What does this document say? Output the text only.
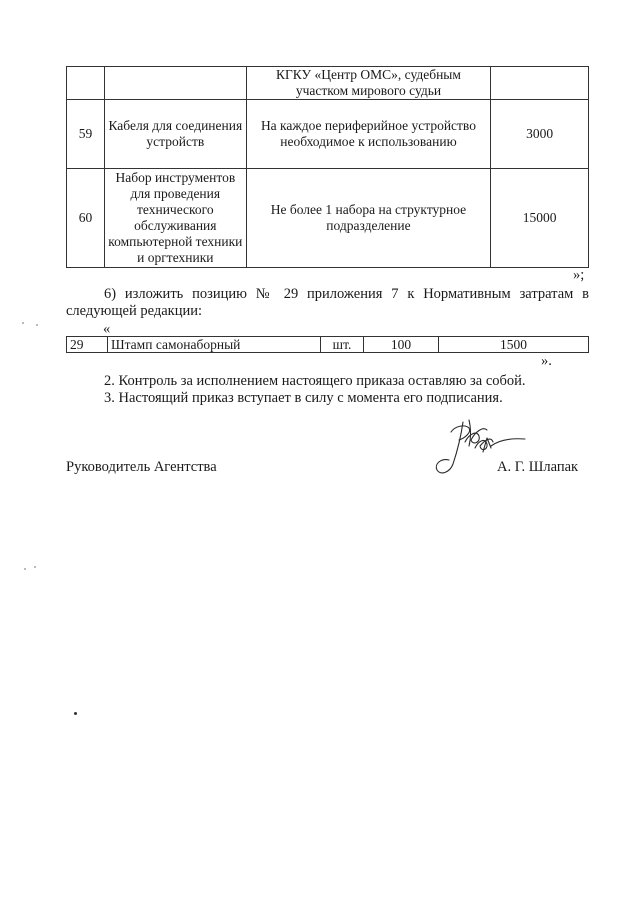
		КГКУ «Центр ОМС», судебным участком мирового судьи	
59	Кабеля для соединения устройств	На каждое периферийное устройство необходимое к использованию	3000
60	Набор инструментов для проведения технического обслуживания компьютерной техники и оргтехники	Не более 1 набора на структурное подразделение	15000
»;
6) изложить позицию № 29 приложения 7 к Нормативным затратам в
следующей редакции:
«
29	Штамп самонаборный	шт.	100	1500
».
2. Контроль за исполнением настоящего приказа оставляю за собой.
3. Настоящий приказ вступает в силу с момента его подписания.
Руководитель Агентства	А. Г. Шлапак
